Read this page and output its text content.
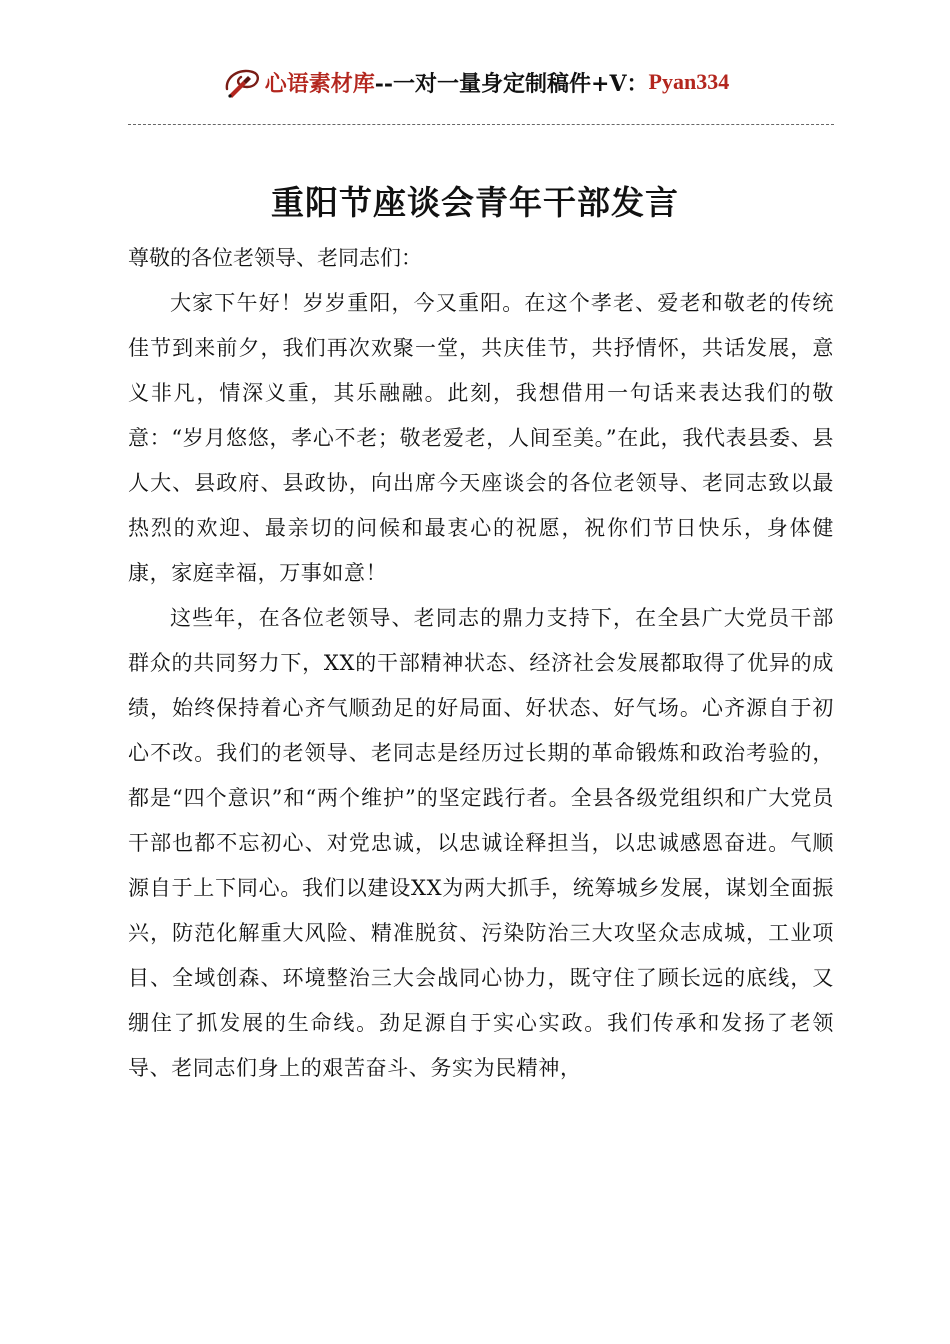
心语素材库 --一对一量身定制稿件+V： Pyan334
重阳节座谈会青年干部发言

尊敬的各位老领导、老同志们：

大家下午好！岁岁重阳，今又重阳。在这个孝老、爱老和敬老的传统佳节到来前夕，我们再次欢聚一堂，共庆佳节，共抒情怀，共话发展，意义非凡，情深义重，其乐融融。此刻，我想借用一句话来表达我们的敬意：“岁月悠悠，孝心不老；敬老爱老，人间至美。”在此，我代表县委、县人大、县政府、县政协，向出席今天座谈会的各位老领导、老同志致以最热烈的欢迎、最亲切的问候和最衷心的祝愿，祝你们节日快乐，身体健康，家庭幸福，万事如意！

这些年，在各位老领导、老同志的鼎力支持下，在全县广大党员干部群众的共同努力下，XX的干部精神状态、经济社会发展都取得了优异的成绩，始终保持着心齐气顺劲足的好局面、好状态、好气场。心齐源自于初心不改。我们的老领导、老同志是经历过长期的革命锻炼和政治考验的，都是“四个意识”和“两个维护”的坚定践行者。全县各级党组织和广大党员干部也都不忘初心、对党忠诚，以忠诚诠释担当，以忠诚感恩奋进。气顺源自于上下同心。我们以建设XX为两大抓手，统筹城乡发展，谋划全面振兴，防范化解重大风险、精准脱贫、污染防治三大攻坚众志成城，工业项目、全域创森、环境整治三大会战同心协力，既守住了顾长远的底线，又绷住了抓发展的生命线。劲足源自于实心实政。我们传承和发扬了老领导、老同志们身上的艰苦奋斗、务实为民精神，
